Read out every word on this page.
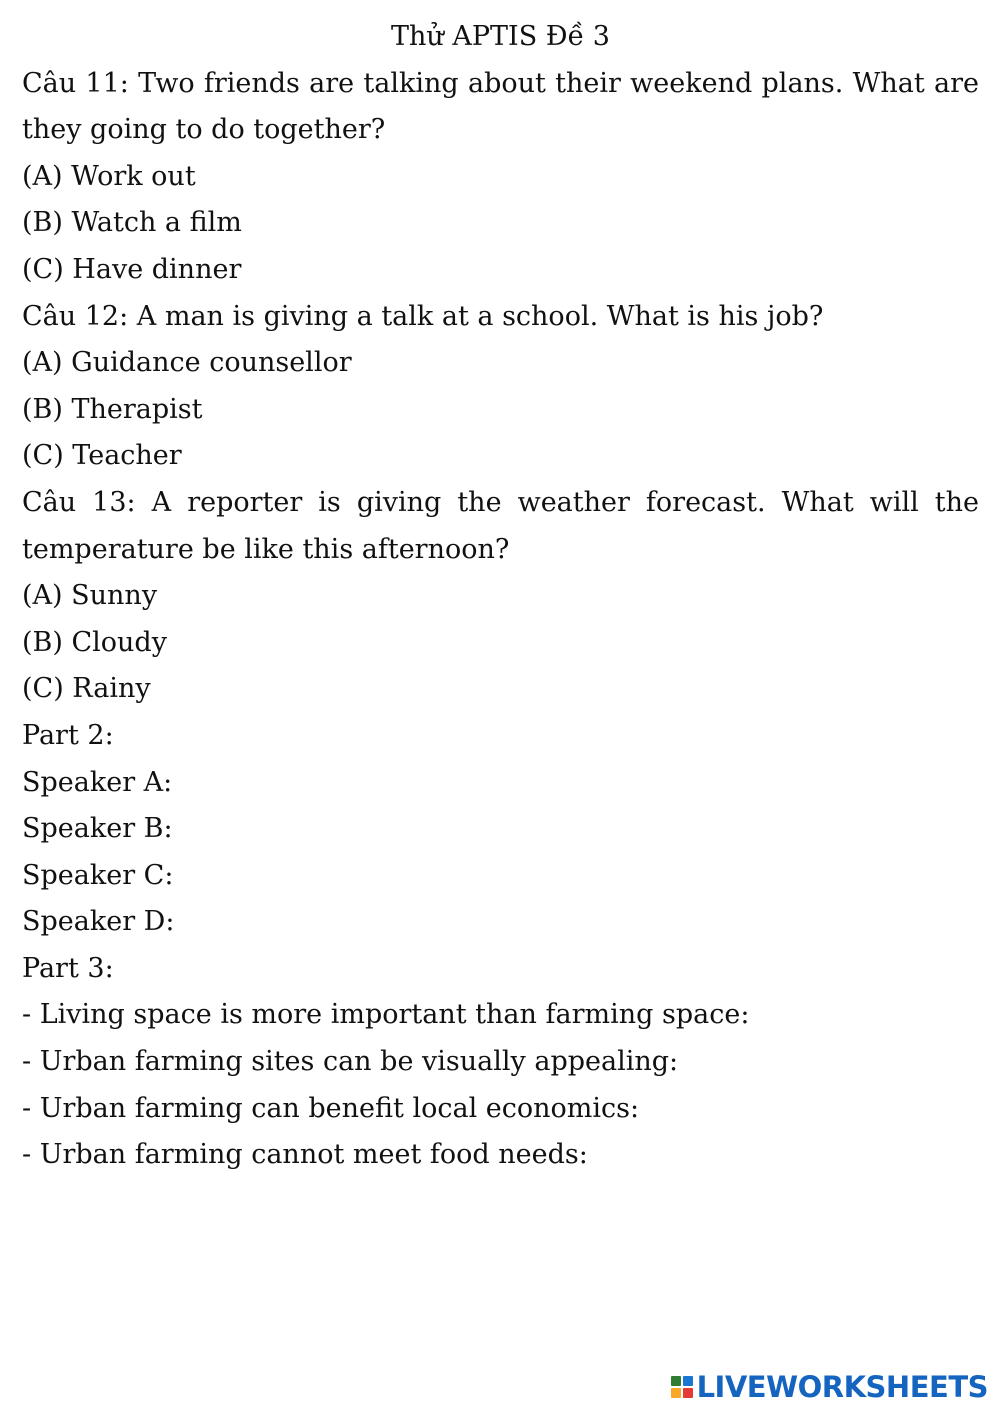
Thử APTIS Đề 3
Câu 11: Two friends are talking about their weekend plans. What are
they going to do together?
(A) Work out
(B) Watch a film
(C) Have dinner
Câu 12: A man is giving a talk at a school. What is his job?
(A) Guidance counsellor
(B) Therapist
(C) Teacher
Câu 13: A reporter is giving the weather forecast. What will the
temperature be like this afternoon?
(A) Sunny
(B) Cloudy
(C) Rainy
Part 2:
Speaker A:
Speaker B:
Speaker C:
Speaker D:
Part 3:
- Living space is more important than farming space:
- Urban farming sites can be visually appealing:
- Urban farming can benefit local economics:
- Urban farming cannot meet food needs:
LIVEWORKSHEETS
